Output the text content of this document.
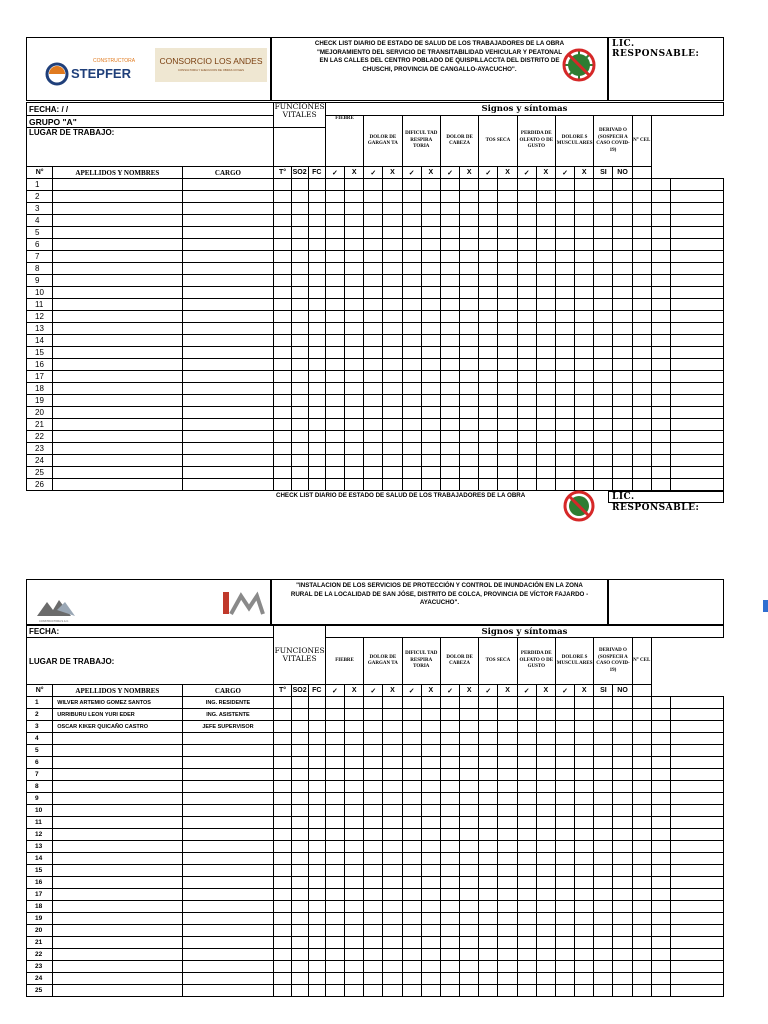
CONSTRUCTORA
STEPFER
CONSORCIO LOS ANDES
CONSULTORIA Y EJECUCION DE OBRAS CIVILES
CHECK LIST DIARIO DE ESTADO DE SALUD DE LOS TRABAJADORES DE LA OBRA
"MEJORAMIENTO DEL SERVICIO DE TRANSITABILIDAD VEHICULAR Y PEATONAL
EN LAS CALLES DEL CENTRO POBLADO DE QUISPILLACCTA DEL DISTRITO DE
CHUSCHI, PROVINCIA DE CANGALLO-AYACUCHO".
LIC. RESPONSABLE:
FECHA: / /			FUNCIONES VITALES			Signos y síntomas																		
GRUPO "A"						FIEBRE		DOLOR DE GARGAN TA		DIFICUL TAD RESPIRA TORIA		DOLOR DE CABEZA		TOS SECA		PERDIDA DE OLFATO O DE GUSTO		DOLORE S MUSCUL ARES		DERIVAD O (SOSPECH A CASO COVID- 19)		N° CEL		
LUGAR DE TRABAJO:																								
N°	APELLIDOS Y NOMBRES	CARGO	T°	SO2	FC	✓	X	✓	X	✓	X	✓	X	✓	X	✓	X	✓	X	SI	NO			
1																								
2																								
3																								
4																								
5																								
6																								
7																								
8																								
9																								
10																								
11																								
12																								
13																								
14																								
15																								
16																								
17																								
18																								
19																								
20																								
21																								
22																								
23																								
24																								
25																								
26																								
CHECK LIST DIARIO DE ESTADO DE SALUD DE LOS TRABAJADORES DE LA OBRA	LIC. RESPONSABLE:
CONSTRUCTORA S.A.C.
"INSTALACION DE LOS SERVICIOS DE PROTECCIÓN Y CONTROL DE INUNDACIÓN EN LA ZONA
RURAL DE LA LOCALIDAD DE SAN JÓSE, DISTRITO DE COLCA, PROVINCIA DE VÍCTOR FAJARDO -
AYACUCHO".
FECHA:			FUNCIONES VITALES			Signos y síntomas																		
LUGAR DE TRABAJO:						FIEBRE		DOLOR DE GARGAN TA		DIFICUL TAD RESPIRA TORIA		DOLOR DE CABEZA		TOS SECA		PERDIDA DE OLFATO O DE GUSTO		DOLORE S MUSCUL ARES		DERIVAD O (SOSPECH A CASO COVID- 19)		N° CEL		

N°	APELLIDOS Y NOMBRES	CARGO	T°	SO2	FC	✓	X	✓	X	✓	X	✓	X	✓	X	✓	X	✓	X	SI	NO			
1	WILVER ARTEMIO GOMEZ SANTOS	ING. RESIDENTE																						
2	URRIBURU LEON YURI EDER	ING. ASISTENTE																						
3	OSCAR KIKER QUICAÑO CASTRO	JEFE SUPERVISOR																						
4																								
5																								
6																								
7																								
8																								
9																								
10																								
11																								
12																								
13																								
14																								
15																								
16																								
17																								
18																								
19																								
20																								
21																								
22																								
23																								
24																								
25																								
